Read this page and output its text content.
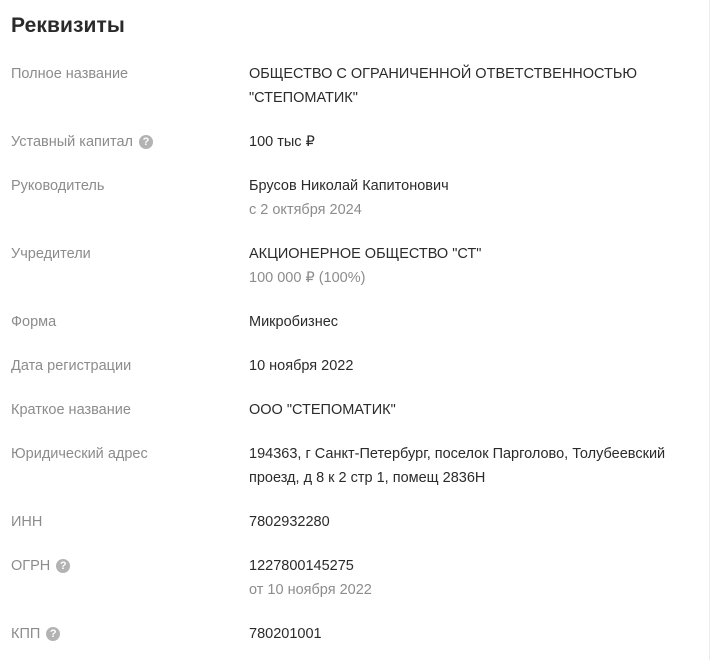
Реквизиты
Полное название	ОБЩЕСТВО С ОГРАНИЧЕННОЙ ОТВЕТСТВЕННОСТЬЮ "СТЕПОМАТИК"
Уставный капитал ?	100 тыс ₽
Руководитель	Брусов Николай Капитонович
с 2 октября 2024
Учредители	АКЦИОНЕРНОЕ ОБЩЕСТВО "СТ"
100 000 ₽ (100%)
Форма	Микробизнес
Дата регистрации	10 ноября 2022
Краткое название	ООО "СТЕПОМАТИК"
Юридический адрес	194363, г Санкт-Петербург, поселок Парголово, Толубеевский проезд, д 8 к 2 стр 1, помещ 2836Н
ИНН	7802932280
ОГРН ?	1227800145275
от 10 ноября 2022
КПП ?	780201001
